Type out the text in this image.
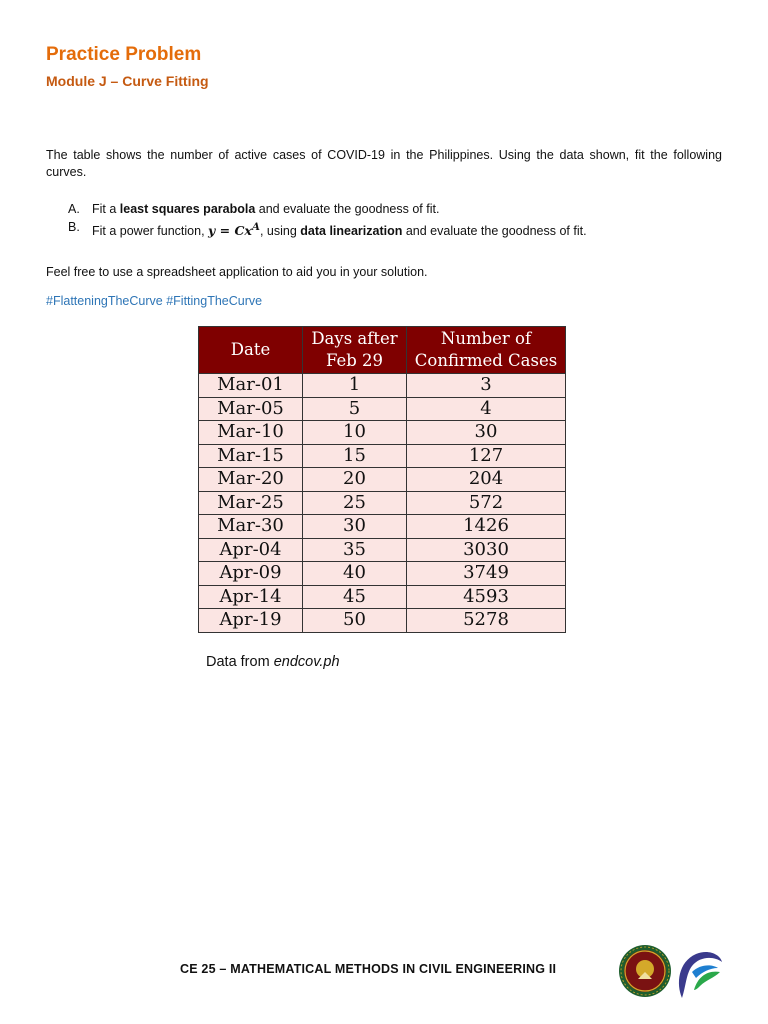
Practice Problem
Module J – Curve Fitting
The table shows the number of active cases of COVID-19 in the Philippines. Using the data shown, fit the following curves.
A. Fit a least squares parabola and evaluate the goodness of fit.
B. Fit a power function, $y = Cx^A$, using data linearization and evaluate the goodness of fit.
Feel free to use a spreadsheet application to aid you in your solution.
#FlatteningTheCurve #FittingTheCurve
Date	Days after Feb 29	Number of Confirmed Cases
Mar-01	1	3
Mar-05	5	4
Mar-10	10	30
Mar-15	15	127
Mar-20	20	204
Mar-25	25	572
Mar-30	30	1426
Apr-04	35	3030
Apr-09	40	3749
Apr-14	45	4593
Apr-19	50	5278
Data from endcov.ph
CE 25 – MATHEMATICAL METHODS IN CIVIL ENGINEERING II
